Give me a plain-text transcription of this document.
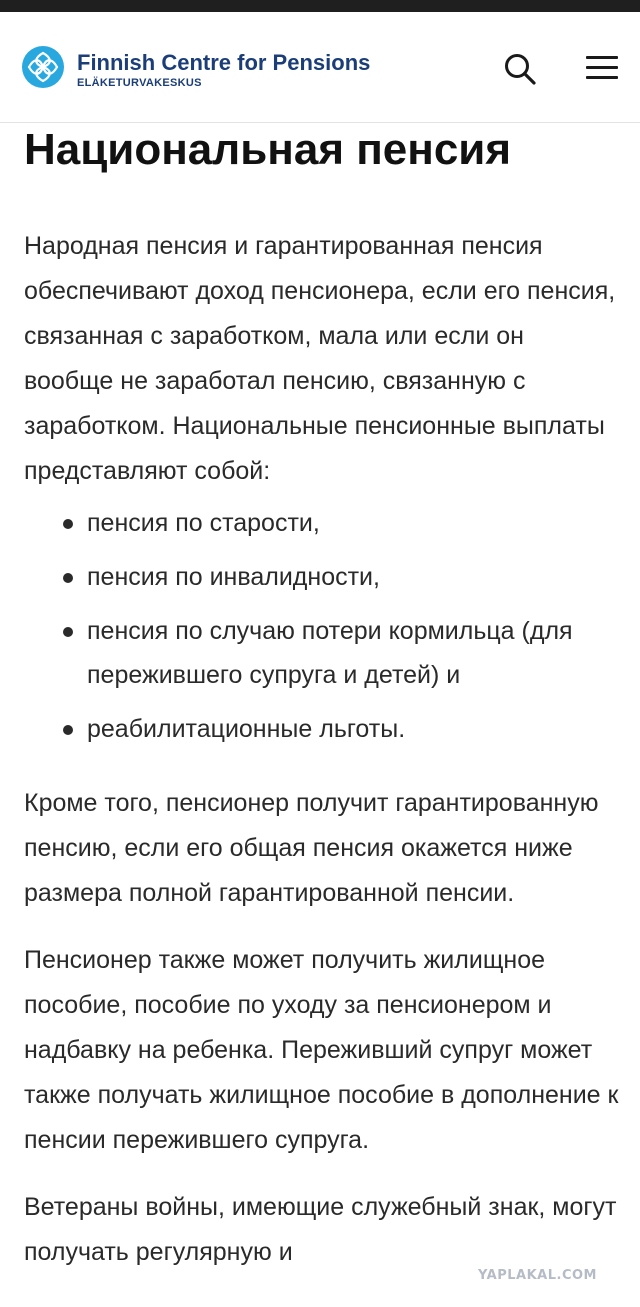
Finnish Centre for Pensions
ELÄKETURVAKESKUS
Национальная пенсия

Народная пенсия и гарантированная пенсия обеспечивают доход пенсионера, если его пенсия, связанная с заработком, мала или если он вообще не заработал пенсию, связанную с заработком. Национальные пенсионные выплаты представляют собой:

пенсия по старости,
пенсия по инвалидности,
пенсия по случаю потери кормильца (для пережившего супруга и детей) и
реабилитационные льготы.

Кроме того, пенсионер получит гарантированную пенсию, если его общая пенсия окажется ниже размера полной гарантированной пенсии.

Пенсионер также может получить жилищное пособие, пособие по уходу за пенсионером и надбавку на ребенка. Переживший супруг может также получать жилищное пособие в дополнение к пенсии пережившего супруга.

Ветераны войны, имеющие служебный знак, могут получать регулярную и

YAPLAKAL.COM
